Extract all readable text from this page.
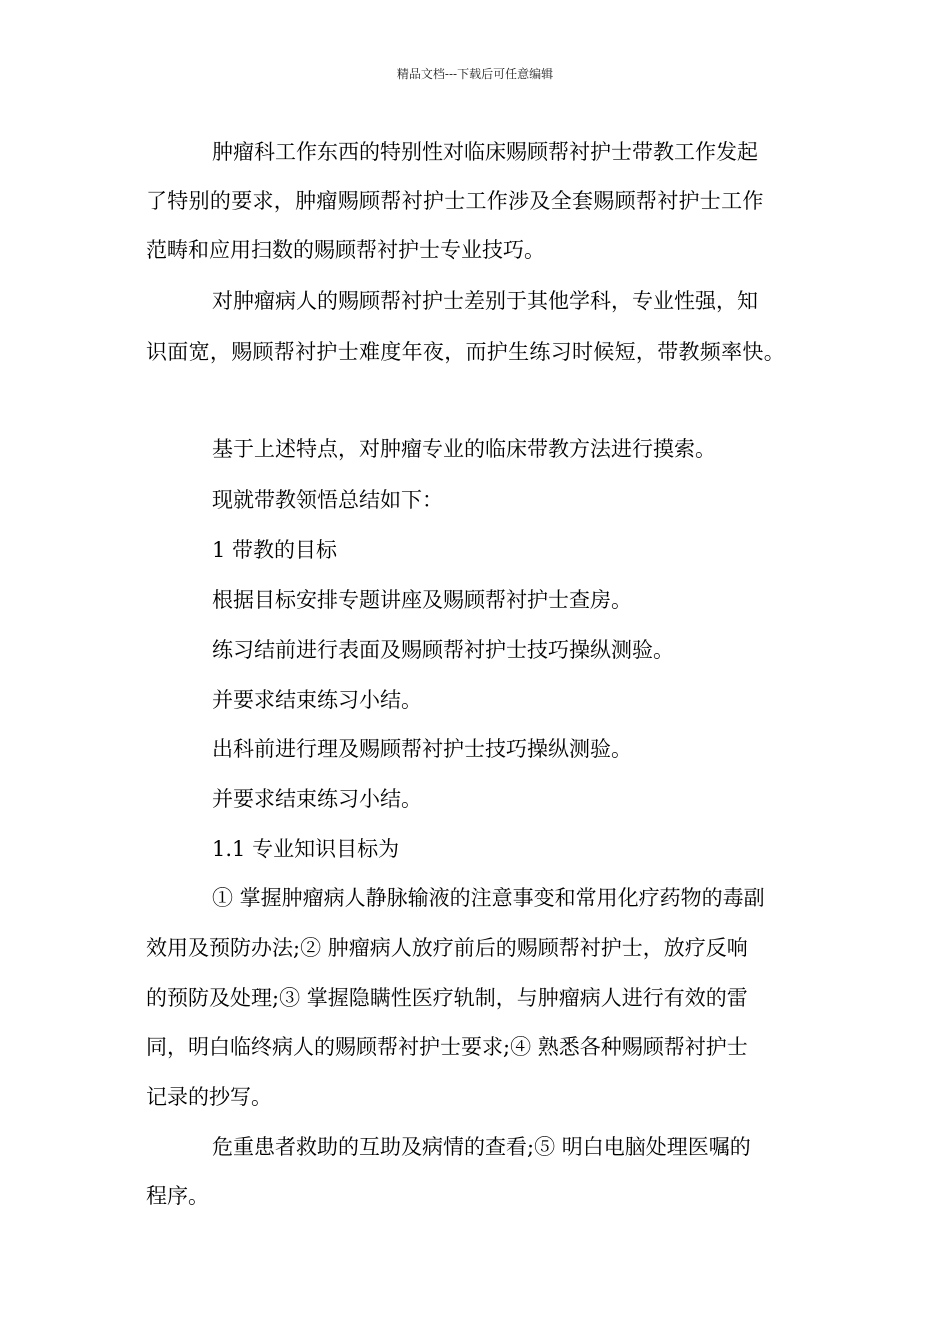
精品文档---下载后可任意编辑
肿瘤科工作东西的特别性对临床赐顾帮衬护士带教工作发起
了特别的要求，肿瘤赐顾帮衬护士工作涉及全套赐顾帮衬护士工作
范畴和应用扫数的赐顾帮衬护士专业技巧。
对肿瘤病人的赐顾帮衬护士差别于其他学科，专业性强，知
识面宽，赐顾帮衬护士难度年夜，而护生练习时候短，带教频率快。
基于上述特点，对肿瘤专业的临床带教方法进行摸索。
现就带教领悟总结如下：
1 带教的目标
根据目标安排专题讲座及赐顾帮衬护士查房。
练习结前进行表面及赐顾帮衬护士技巧操纵测验。
并要求结束练习小结。
出科前进行理及赐顾帮衬护士技巧操纵测验。
并要求结束练习小结。
1.1 专业知识目标为
① 掌握肿瘤病人静脉输液的注意事变和常用化疗药物的毒副
效用及预防办法;② 肿瘤病人放疗前后的赐顾帮衬护士，放疗反响
的预防及处理;③ 掌握隐瞒性医疗轨制，与肿瘤病人进行有效的雷
同，明白临终病人的赐顾帮衬护士要求;④ 熟悉各种赐顾帮衬护士
记录的抄写。
危重患者救助的互助及病情的查看;⑤ 明白电脑处理医嘱的
程序。
